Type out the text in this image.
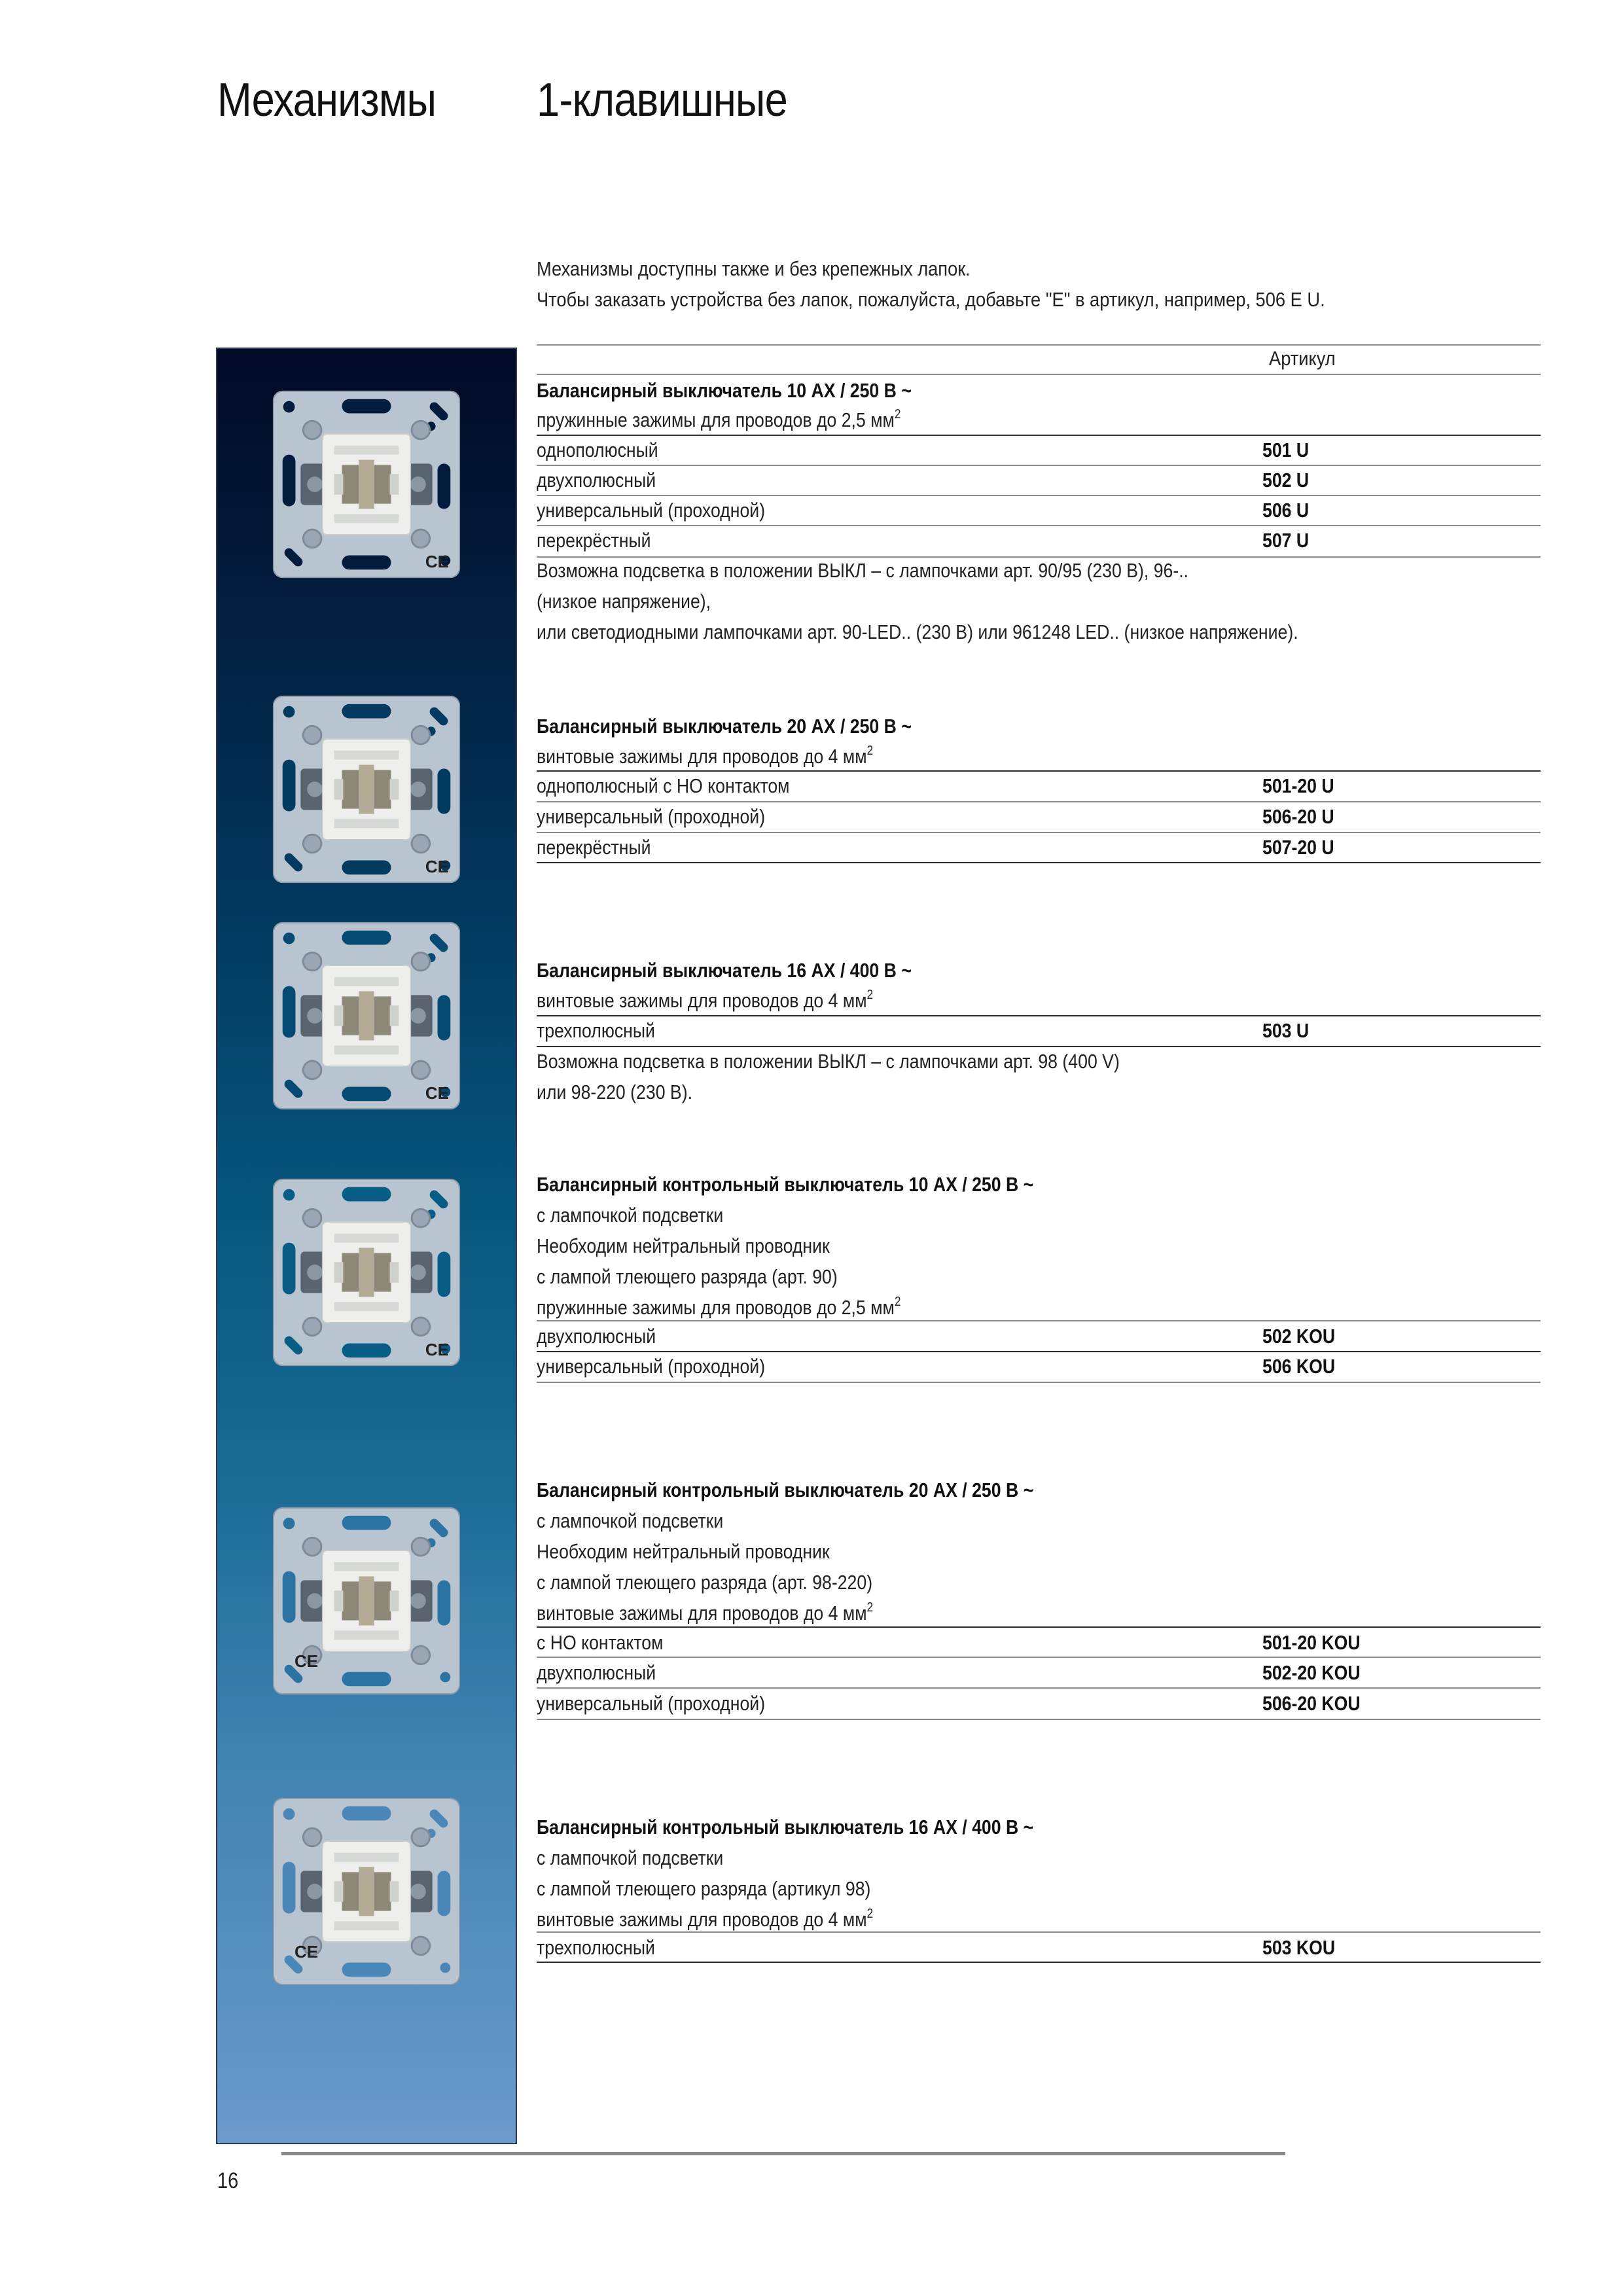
Механизмы 1-клавишные
Механизмы доступны также и без крепежных лапок.
Чтобы заказать устройства без лапок, пожалуйста, добавьте "E" в артикул, например, 506 E U.
CE
CE
CE
CE
CE
CE
Артикул
Балансирный выключатель 10 AX / 250 B ~
пружинные зажимы для проводов до 2,5 $мм^2$
однополюсный	501 U
двухполюсный	502 U
универсальный (проходной)	506 U
перекрёстный	507 U
Возможна подсветка в положении ВЫКЛ – с лампочками арт. 90/95 (230 B), 96-..
(низкое напряжение),
или светодиодными лампочками арт. 90-LED.. (230 B) или 961248 LED.. (низкое напряжение).
Балансирный выключатель 20 AX / 250 B ~
винтовые зажимы для проводов до 4 $мм^2$
однополюсный с НО контактом	501-20 U
универсальный (проходной)	506-20 U
перекрёстный	507-20 U
Балансирный выключатель 16 AX / 400 B ~
винтовые зажимы для проводов до 4 $мм^2$
трехполюсный	503 U
Возможна подсветка в положении ВЫКЛ – с лампочками арт. 98 (400 V)
или 98-220 (230 B).
Балансирный контрольный выключатель 10 AX / 250 B ~
с лампочкой подсветки
Необходим нейтральный проводник
с лампой тлеющего разряда (арт. 90)
пружинные зажимы для проводов до 2,5 $мм^2$
двухполюсный	502 KOU
универсальный (проходной)	506 KOU
Балансирный контрольный выключатель 20 AX / 250 B ~
с лампочкой подсветки
Необходим нейтральный проводник
с лампой тлеющего разряда (арт. 98-220)
винтовые зажимы для проводов до 4 $мм^2$
с НО контактом	501-20 KOU
двухполюсный	502-20 KOU
универсальный (проходной)	506-20 KOU
Балансирный контрольный выключатель 16 AX / 400 B ~
с лампочкой подсветки
с лампой тлеющего разряда (артикул 98)
винтовые зажимы для проводов до 4 $мм^2$
трехполюсный	503 KOU
16
